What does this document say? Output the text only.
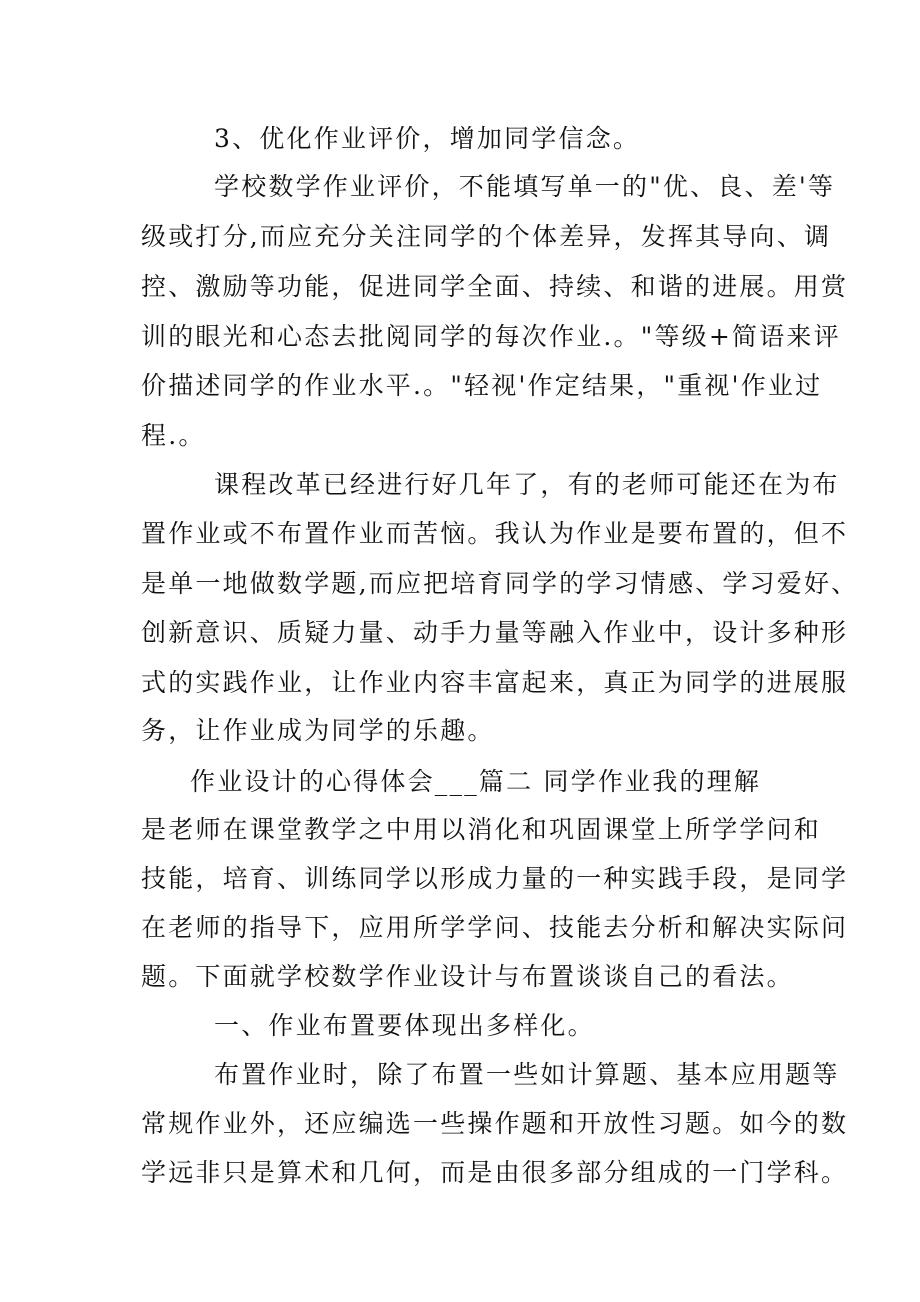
3、优化作业评价，增加同学信念。
学校数学作业评价，不能填写单一的"优、良、差'等
级或打分,而应充分关注同学的个体差异，发挥其导向、调
控、激励等功能，促进同学全面、持续、和谐的进展。用赏
训的眼光和心态去批阅同学的每次作业.。"等级+简语来评
价描述同学的作业水平.。"轻视'作定结果，"重视'作业过
程.。
课程改革已经进行好几年了，有的老师可能还在为布
置作业或不布置作业而苦恼。我认为作业是要布置的，但不
是单一地做数学题,而应把培育同学的学习情感、学习爱好、
创新意识、质疑力量、动手力量等融入作业中，设计多种形
式的实践作业，让作业内容丰富起来，真正为同学的进展服
务，让作业成为同学的乐趣。
作业设计的心得体会___篇二 同学作业我的理解
是老师在课堂教学之中用以消化和巩固课堂上所学学问和
技能，培育、训练同学以形成力量的一种实践手段，是同学
在老师的指导下，应用所学学问、技能去分析和解决实际问
题。下面就学校数学作业设计与布置谈谈自己的看法。
一、作业布置要体现出多样化。
布置作业时，除了布置一些如计算题、基本应用题等
常规作业外，还应编选一些操作题和开放性习题。如今的数
学远非只是算术和几何，而是由很多部分组成的一门学科。
